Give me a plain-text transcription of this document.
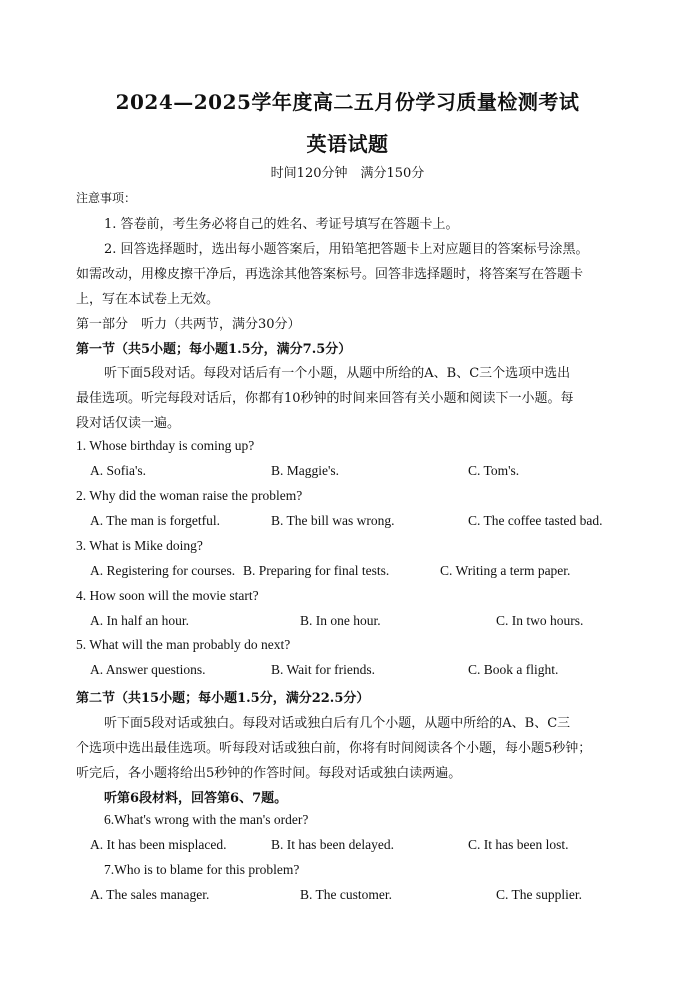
2024—2025学年度高二五月份学习质量检测考试
英语试题
时间120分钟　满分150分
注意事项：
1. 答卷前，考生务必将自己的姓名、考证号填写在答题卡上。
2. 回答选择题时，选出每小题答案后，用铅笔把答题卡上对应题目的答案标号涂黑。
如需改动，用橡皮擦干净后，再选涂其他答案标号。回答非选择题时，将答案写在答题卡
上，写在本试卷上无效。
第一部分　听力（共两节，满分30分）
第一节（共5小题；每小题1.5分，满分7.5分）
听下面5段对话。每段对话后有一个小题，从题中所给的A、B、C三个选项中选出
最佳选项。听完每段对话后，你都有10秒钟的时间来回答有关小题和阅读下一小题。每
段对话仅读一遍。
1. Whose birthday is coming up?
A. Sofia's.	B. Maggie's.	C. Tom's.
2. Why did the woman raise the problem?
A. The man is forgetful.	B. The bill was wrong.	C. The coffee tasted bad.
3. What is Mike doing?
A. Registering for courses. B. Preparing for final tests.	C. Writing a term paper.
4. How soon will the movie start?
A. In half an hour.	B. In one hour.	C. In two hours.
5. What will the man probably do next?
A. Answer questions.	B. Wait for friends.	C. Book a flight.
第二节（共15小题；每小题1.5分，满分22.5分）
听下面5段对话或独白。每段对话或独白后有几个小题，从题中所给的A、B、C三
个选项中选出最佳选项。听每段对话或独白前，你将有时间阅读各个小题，每小题5秒钟；
听完后，各小题将给出5秒钟的作答时间。每段对话或独白读两遍。
听第6段材料，回答第6、7题。
6.What's wrong with the man's order?
A. It has been misplaced.	B. It has been delayed.	C. It has been lost.
7.Who is to blame for this problem?
A. The sales manager.	B. The customer.	C. The supplier.
